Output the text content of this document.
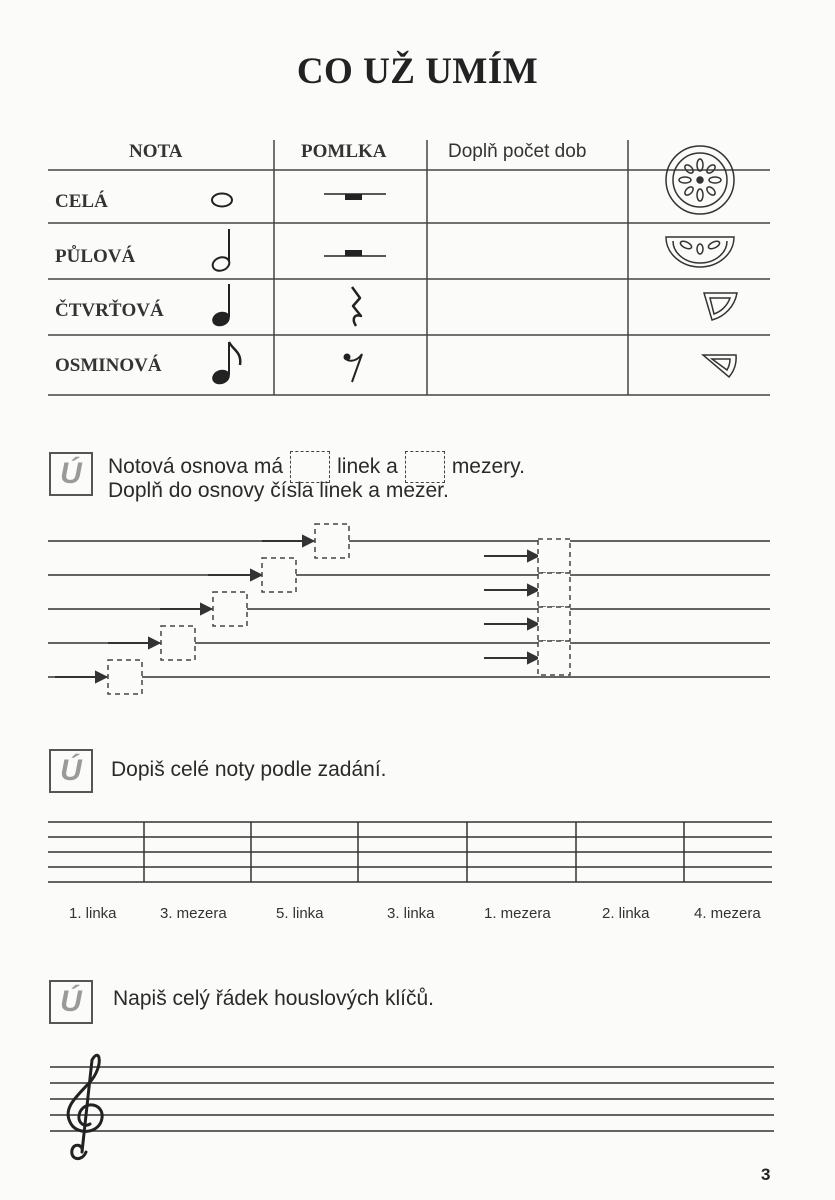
CO UŽ UMÍM
NOTA	POMLKA	Doplň počet dob
CELÁ
PŮLOVÁ
ČTVRŤOVÁ
OSMINOVÁ
Ú	Notová osnova má	linek a	mezery.
Doplň do osnovy čísla linek a mezer.
Ú	Dopiš celé noty podle zadání.
1. linka	3. mezera	5. linka	3. linka	1. mezera	2. linka	4. mezera
Ú	Napiš celý řádek houslových klíčů.
3
